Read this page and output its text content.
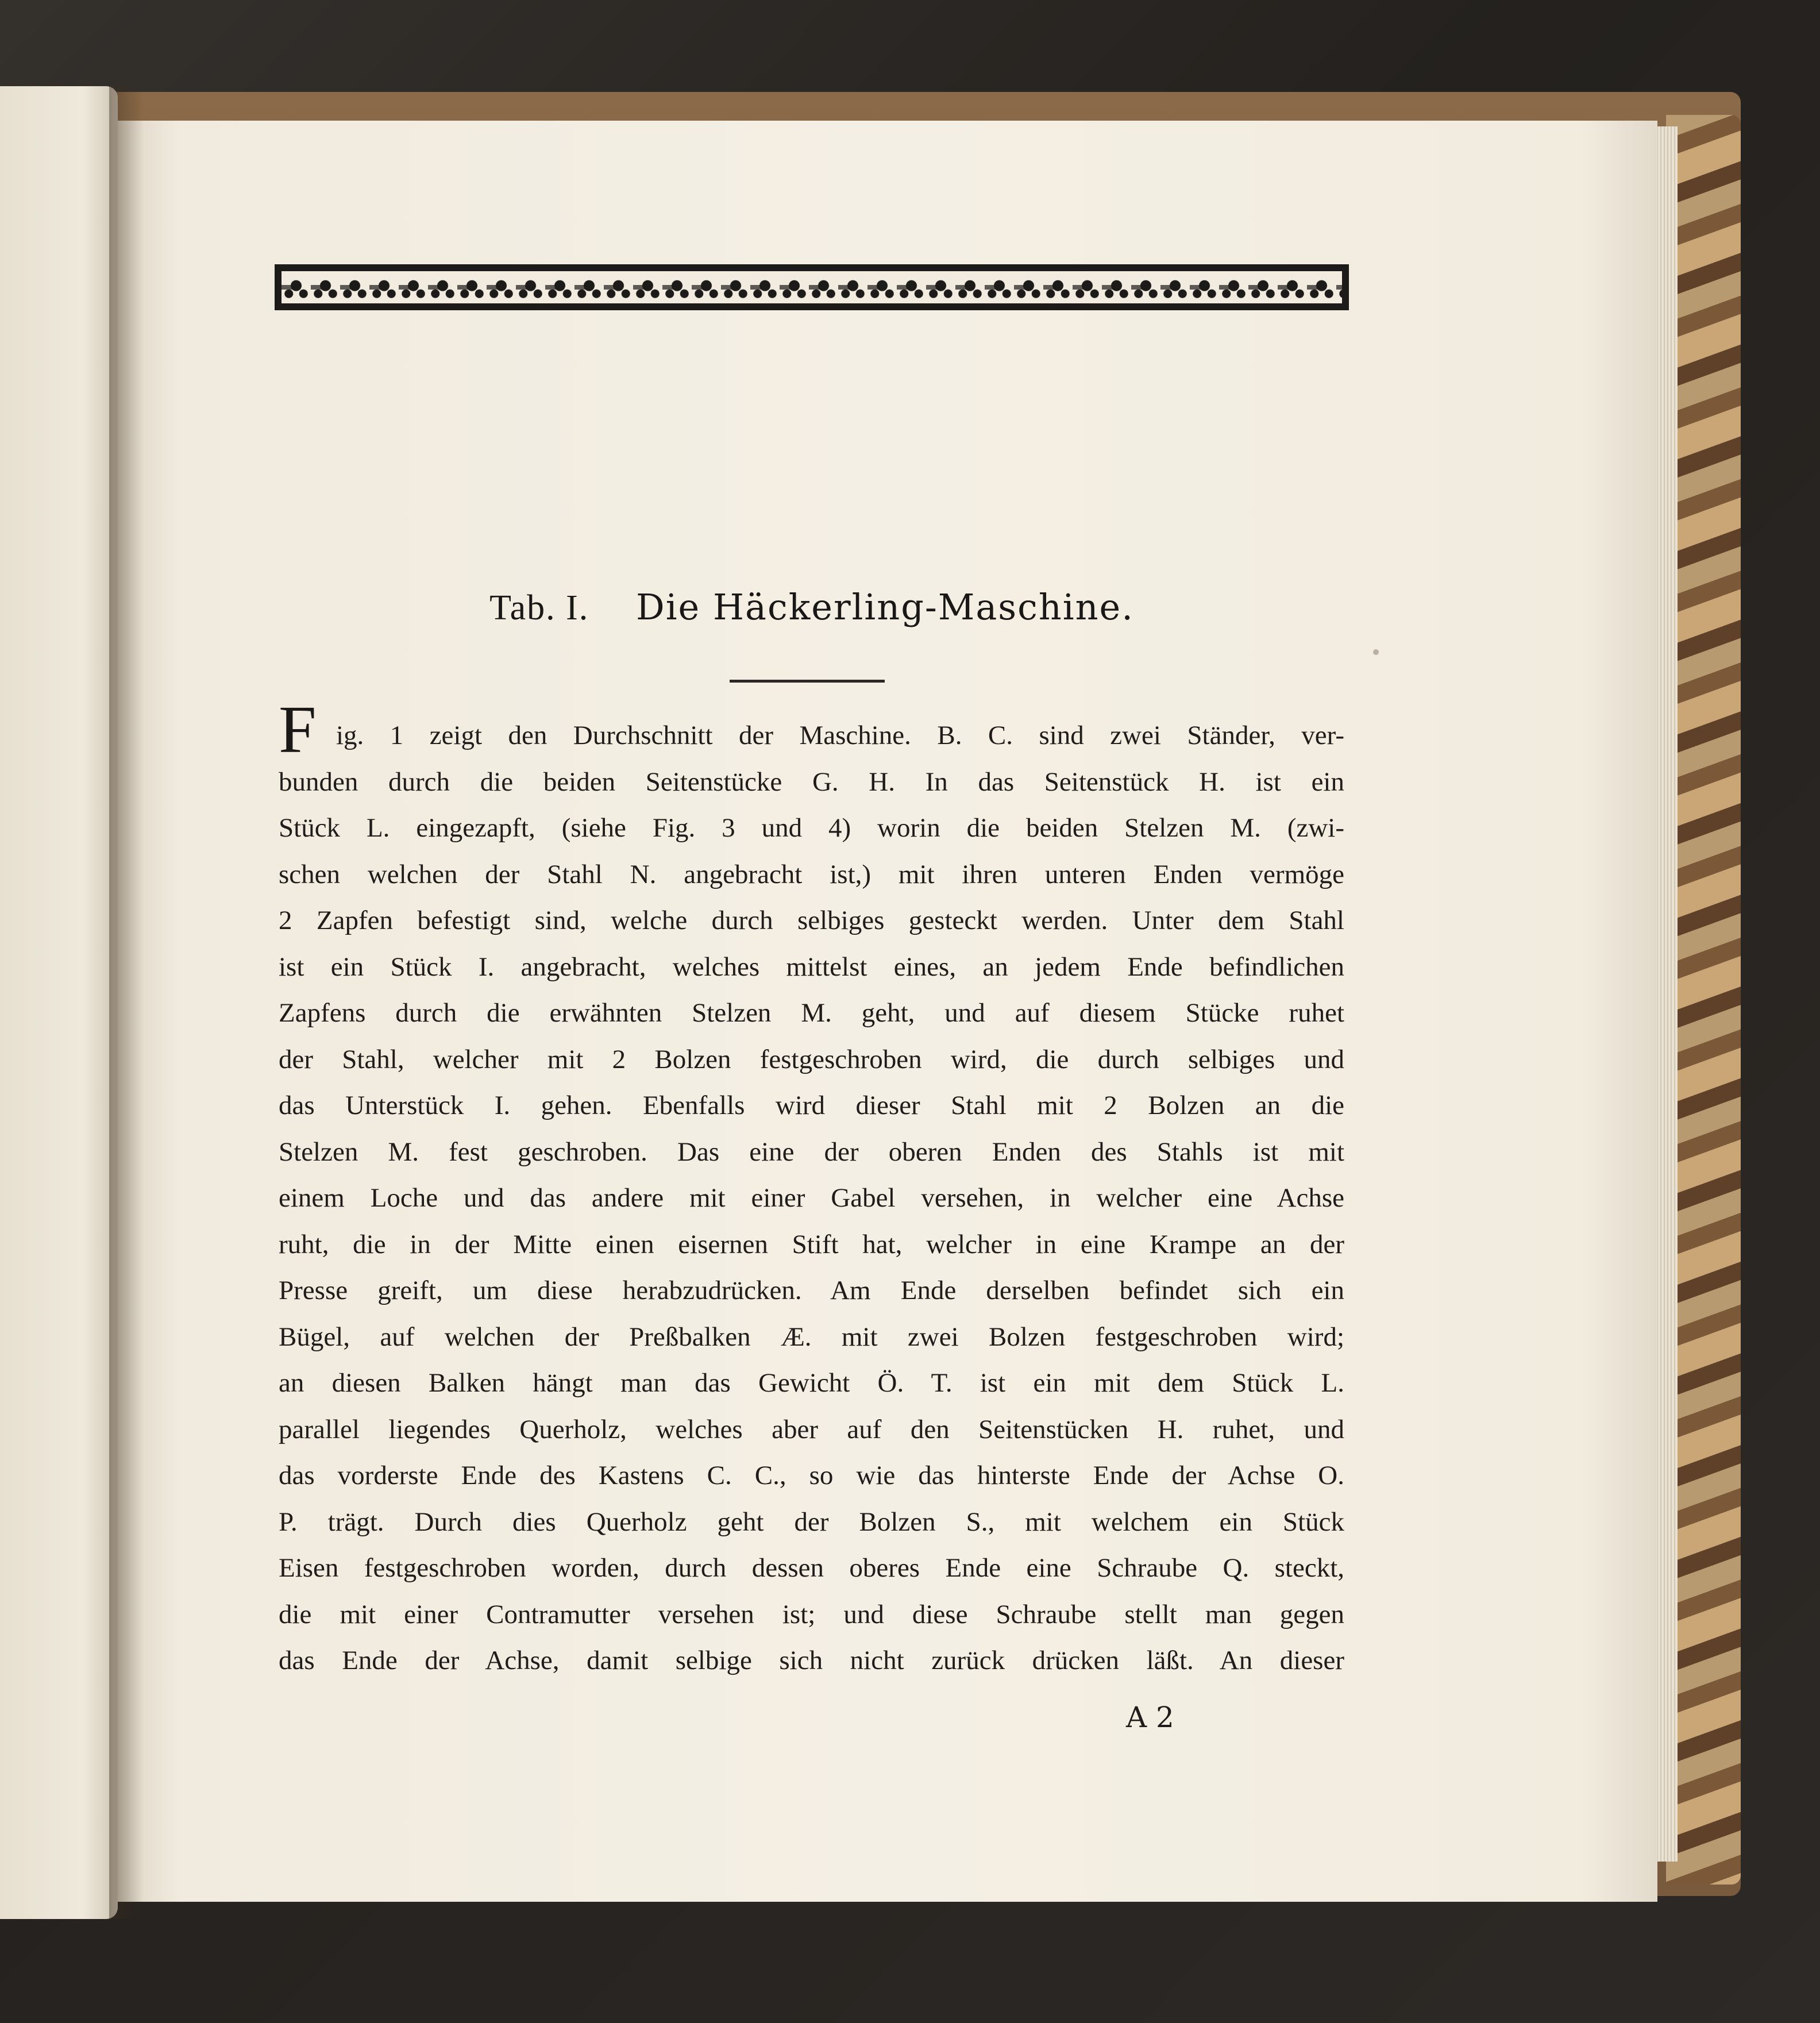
Tab. I. Die Häckerling-Maschine.
F ig. 1 zeigt den Durchschnitt der Maschine. B. C. sind zwei Ständer, ver-
bunden durch die beiden Seitenstücke G. H. In das Seitenstück H. ist ein
Stück L. eingezapft, (siehe Fig. 3 und 4) worin die beiden Stelzen M. (zwi-
schen welchen der Stahl N. angebracht ist,) mit ihren unteren Enden vermöge
2 Zapfen befestigt sind, welche durch selbiges gesteckt werden. Unter dem Stahl
ist ein Stück I. angebracht, welches mittelst eines, an jedem Ende befindlichen
Zapfens durch die erwähnten Stelzen M. geht, und auf diesem Stücke ruhet
der Stahl, welcher mit 2 Bolzen festgeschroben wird, die durch selbiges und
das Unterstück I. gehen. Ebenfalls wird dieser Stahl mit 2 Bolzen an die
Stelzen M. fest geschroben. Das eine der oberen Enden des Stahls ist mit
einem Loche und das andere mit einer Gabel versehen, in welcher eine Achse
ruht, die in der Mitte einen eisernen Stift hat, welcher in eine Krampe an der
Presse greift, um diese herabzudrücken. Am Ende derselben befindet sich ein
Bügel, auf welchen der Preßbalken Æ. mit zwei Bolzen festgeschroben wird;
an diesen Balken hängt man das Gewicht Ö. T. ist ein mit dem Stück L.
parallel liegendes Querholz, welches aber auf den Seitenstücken H. ruhet, und
das vorderste Ende des Kastens C. C., so wie das hinterste Ende der Achse O.
P. trägt. Durch dies Querholz geht der Bolzen S., mit welchem ein Stück
Eisen festgeschroben worden, durch dessen oberes Ende eine Schraube Q. steckt,
die mit einer Contramutter versehen ist; und diese Schraube stellt man gegen
das Ende der Achse, damit selbige sich nicht zurück drücken läßt. An dieser
A 2
